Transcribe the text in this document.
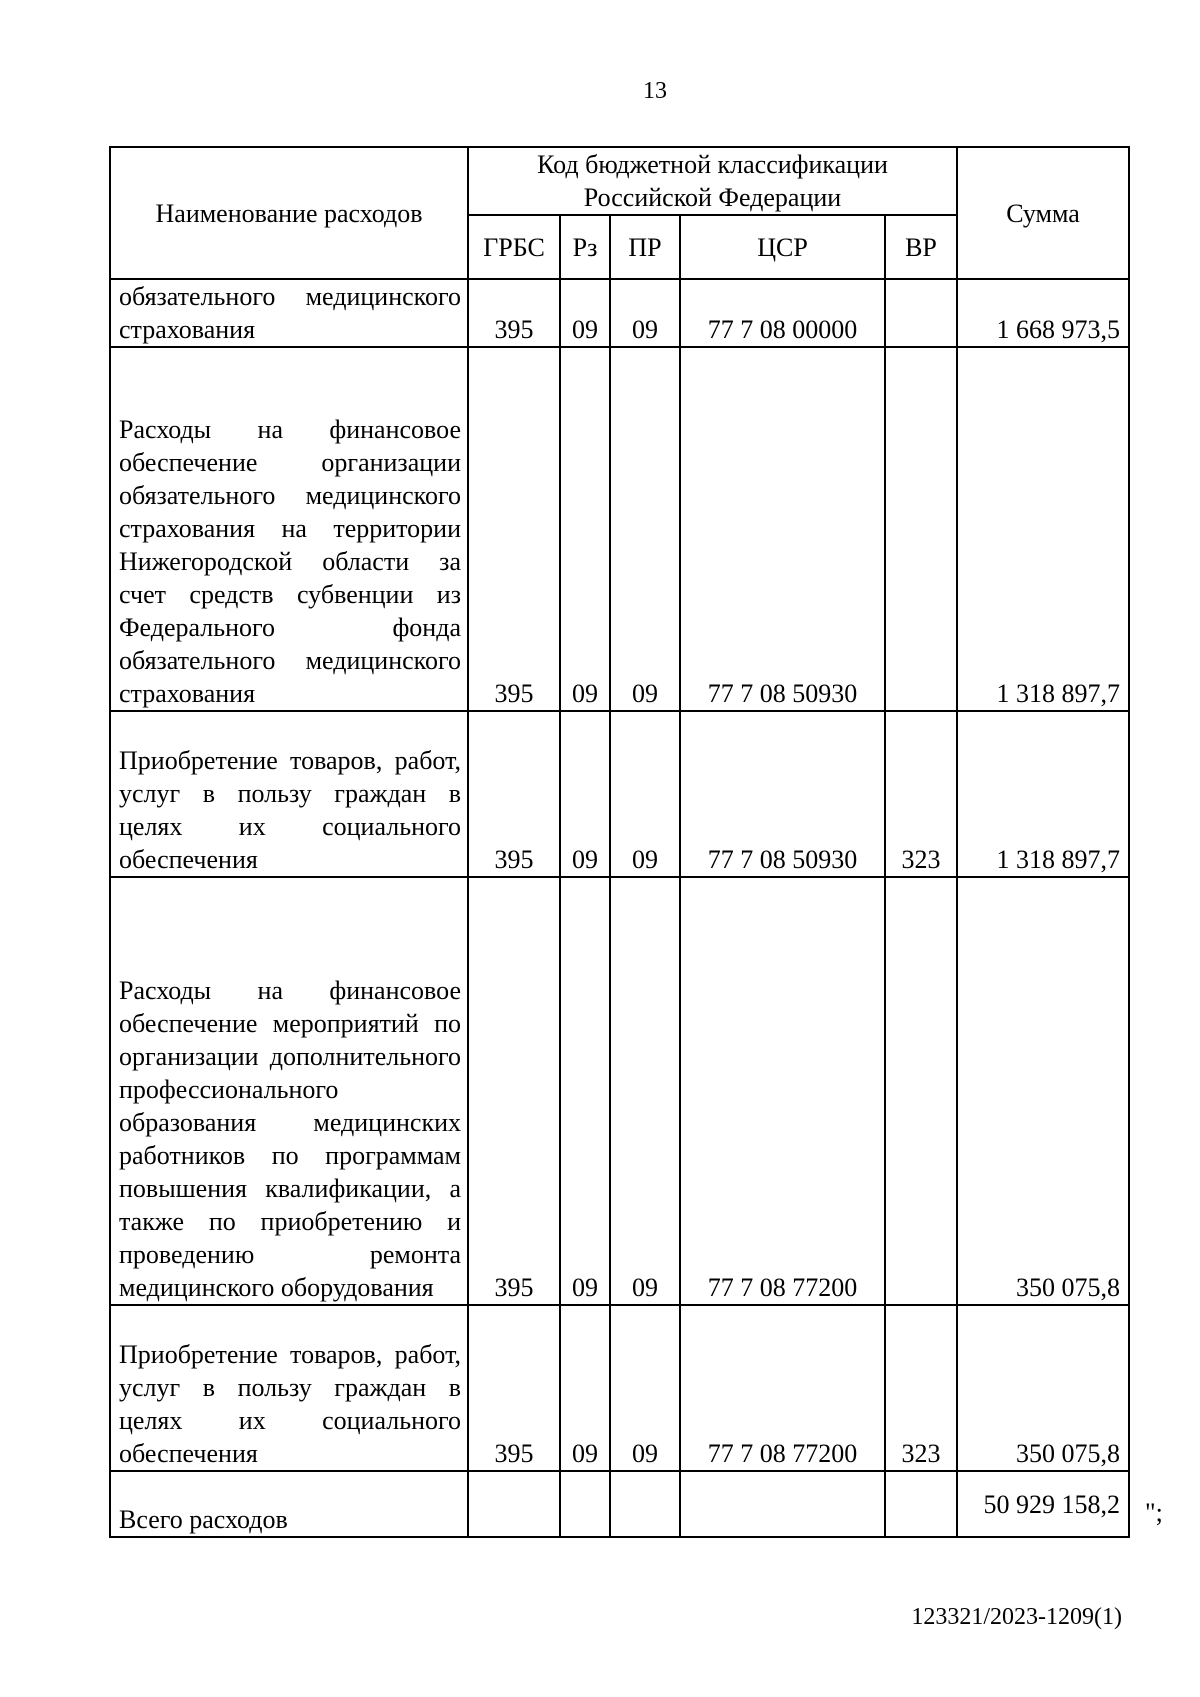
13
Наименование расходов	Код бюджетной классификации Российской Федерации					Сумма
	ГРБС	Рз	ПР	ЦСР	ВР	
обязательного медицинского страхования	395	09	09	77 7 08 00000		1 668 973,5
Расходы на финансовое обеспечение организации обязательного медицинского страхования на территории Нижегородской области за счет средств субвенции из Федерального фонда обязательного медицинского страхования	395	09	09	77 7 08 50930		1 318 897,7
Приобретение товаров, работ, услуг в пользу граждан в целях их социального обеспечения	395	09	09	77 7 08 50930	323	1 318 897,7
Расходы на финансовое обеспечение мероприятий по организации дополнительного профессионального образования медицинских работников по программам повышения квалификации, а также по приобретению и проведению ремонта медицинского оборудования	395	09	09	77 7 08 77200		350 075,8
Приобретение товаров, работ, услуг в пользу граждан в целях их социального обеспечения	395	09	09	77 7 08 77200	323	350 075,8
Всего расходов						50 929 158,2 ";
123321/2023-1209(1)
